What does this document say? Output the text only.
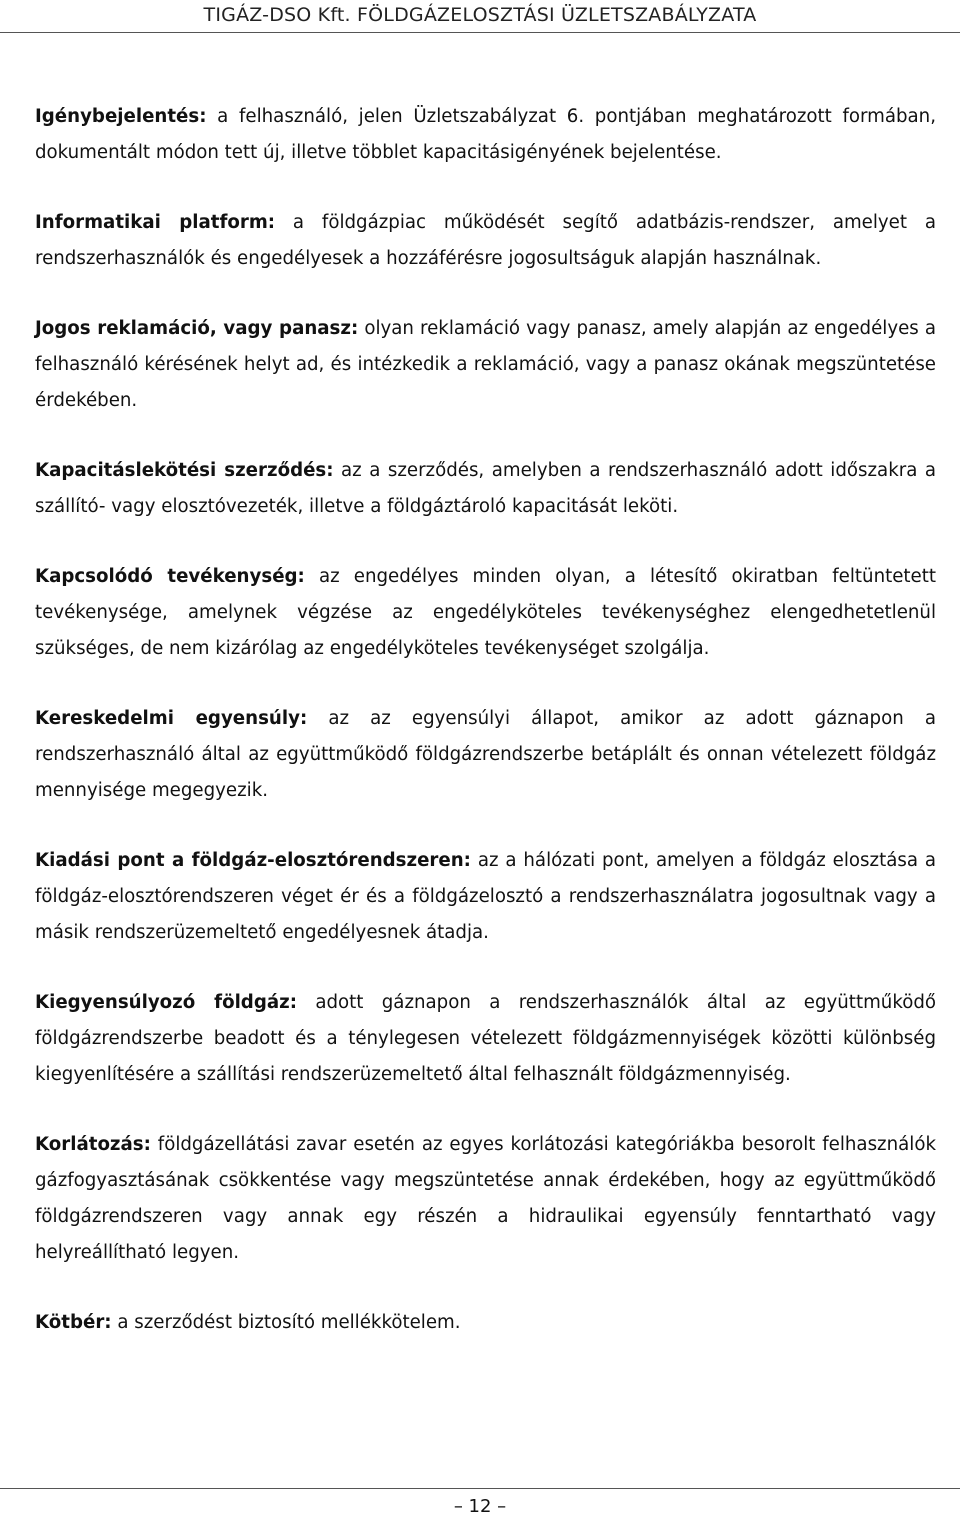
TIGÁZ-DSO Kft. FÖLDGÁZELOSZTÁSI ÜZLETSZABÁLYZATA

Igénybejelentés: a felhasználó, jelen Üzletszabályzat 6. pontjában meghatározott formában, dokumentált módon tett új, illetve többlet kapacitásigényének bejelentése.

Informatikai platform: a földgázpiac működését segítő adatbázis-rendszer, amelyet a rendszerhasználók és engedélyesek a hozzáférésre jogosultságuk alapján használnak.

Jogos reklamáció, vagy panasz: olyan reklamáció vagy panasz, amely alapján az engedélyes a felhasználó kérésének helyt ad, és intézkedik a reklamáció, vagy a panasz okának megszüntetése érdekében.

Kapacitáslekötési szerződés: az a szerződés, amelyben a rendszerhasználó adott időszakra a szállító- vagy elosztóvezeték, illetve a földgáztároló kapacitását leköti.

Kapcsolódó tevékenység: az engedélyes minden olyan, a létesítő okiratban feltüntetett tevékenysége, amelynek végzése az engedélyköteles tevékenységhez elengedhetetlenül szükséges, de nem kizárólag az engedélyköteles tevékenységet szolgálja.

Kereskedelmi egyensúly: az az egyensúlyi állapot, amikor az adott gáznapon a rendszerhasználó által az együttműködő földgázrendszerbe betáplált és onnan vételezett földgáz mennyisége megegyezik.

Kiadási pont a földgáz-elosztórendszeren: az a hálózati pont, amelyen a földgáz elosztása a földgáz-elosztórendszeren véget ér és a földgázelosztó a rendszerhasználatra jogosultnak vagy a másik rendszerüzemeltető engedélyesnek átadja.

Kiegyensúlyozó földgáz: adott gáznapon a rendszerhasználók által az együttműködő földgázrendszerbe beadott és a ténylegesen vételezett földgázmennyiségek közötti különbség kiegyenlítésére a szállítási rendszerüzemeltető által felhasznált földgázmennyiség.

Korlátozás: földgázellátási zavar esetén az egyes korlátozási kategóriákba besorolt felhasználók gázfogyasztásának csökkentése vagy megszüntetése annak érdekében, hogy az együttműködő földgázrendszeren vagy annak egy részén a hidraulikai egyensúly fenntartható vagy helyreállítható legyen.

Kötbér: a szerződést biztosító mellékkötelem.

– 12 –
